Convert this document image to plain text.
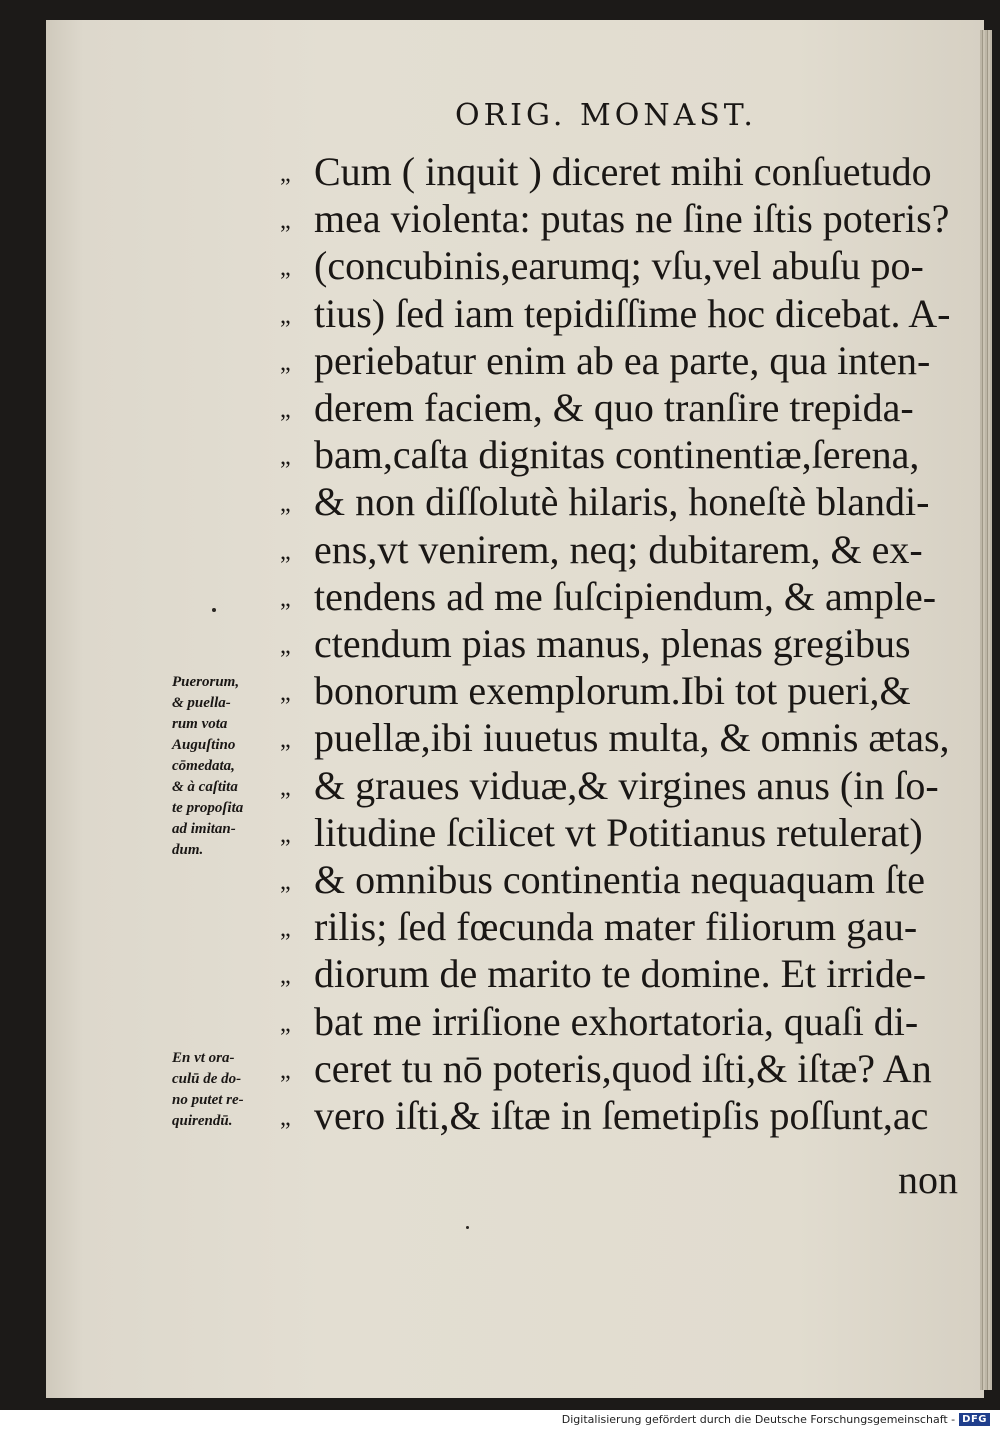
ORIG. MONAST.
„ Cum ( inquit ) diceret mihi conſuetudo
„ mea violenta: putas ne ſine iſtis poteris?
„ (concubinis,earumq; vſu,vel abuſu po-
„ tius) ſed iam tepidiſſime hoc dicebat. A-
„ periebatur enim ab ea parte, qua inten-
„ derem faciem, & quo tranſire trepida-
„ bam,caſta dignitas continentiæ,ſerena,
„ & non diſſolutè hilaris, honeſtè blandi-
„ ens,vt venirem, neq; dubitarem, & ex-
„ tendens ad me ſuſcipiendum, & ample-
„ ctendum pias manus, plenas gregibus
„ bonorum exemplorum.Ibi tot pueri,&
„ puellæ,ibi iuuetus multa, & omnis ætas,
„ & graues viduæ,& virgines anus (in ſo-
„ litudine ſcilicet vt Potitianus retulerat)
„ & omnibus continentia nequaquam ſte
„ rilis; ſed fœcunda mater filiorum gau-
„ diorum de marito te domine. Et irride-
„ bat me irriſione exhortatoria, quaſi di-
„ ceret tu nō poteris,quod iſti,& iſtæ? An
„ vero iſti,& iſtæ in ſemetipſis poſſunt,ac
non
Puerorum,
& puella-
rum vota
Auguſtino
cōmedata,
& à caſtita
te propoſita
ad imitan-
dum.
En vt ora-
culū de do-
no putet re-
quirendū.
Digitalisierung gefördert durch die Deutsche Forschungsgemeinschaft - DFG
